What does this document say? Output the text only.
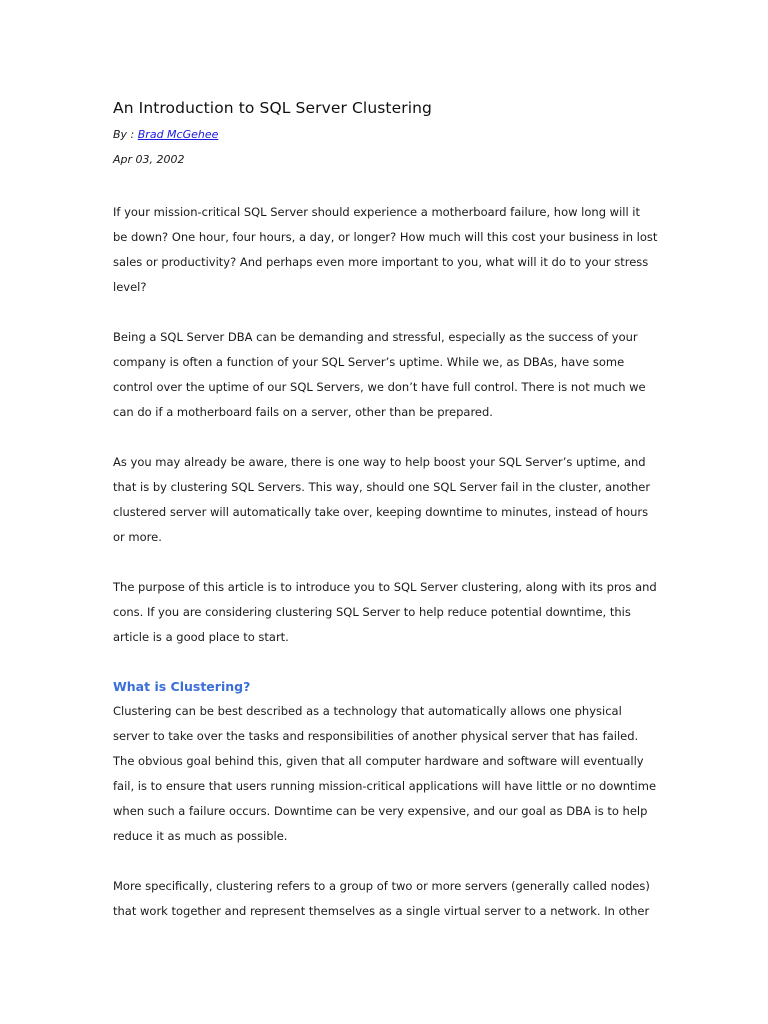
An Introduction to SQL Server Clustering
By : Brad McGehee
Apr 03, 2002

If your mission-critical SQL Server should experience a motherboard failure, how long will it be down? One hour, four hours, a day, or longer? How much will this cost your business in lost sales or productivity? And perhaps even more important to you, what will it do to your stress level?

Being a SQL Server DBA can be demanding and stressful, especially as the success of your company is often a function of your SQL Server’s uptime. While we, as DBAs, have some control over the uptime of our SQL Servers, we don’t have full control. There is not much we can do if a motherboard fails on a server, other than be prepared.

As you may already be aware, there is one way to help boost your SQL Server’s uptime, and that is by clustering SQL Servers. This way, should one SQL Server fail in the cluster, another clustered server will automatically take over, keeping downtime to minutes, instead of hours or more.

The purpose of this article is to introduce you to SQL Server clustering, along with its pros and cons. If you are considering clustering SQL Server to help reduce potential downtime, this article is a good place to start.

What is Clustering?

Clustering can be best described as a technology that automatically allows one physical server to take over the tasks and responsibilities of another physical server that has failed. The obvious goal behind this, given that all computer hardware and software will eventually fail, is to ensure that users running mission-critical applications will have little or no downtime when such a failure occurs. Downtime can be very expensive, and our goal as DBA is to help reduce it as much as possible.

More specifically, clustering refers to a group of two or more servers (generally called nodes) that work together and represent themselves as a single virtual server to a network. In other
